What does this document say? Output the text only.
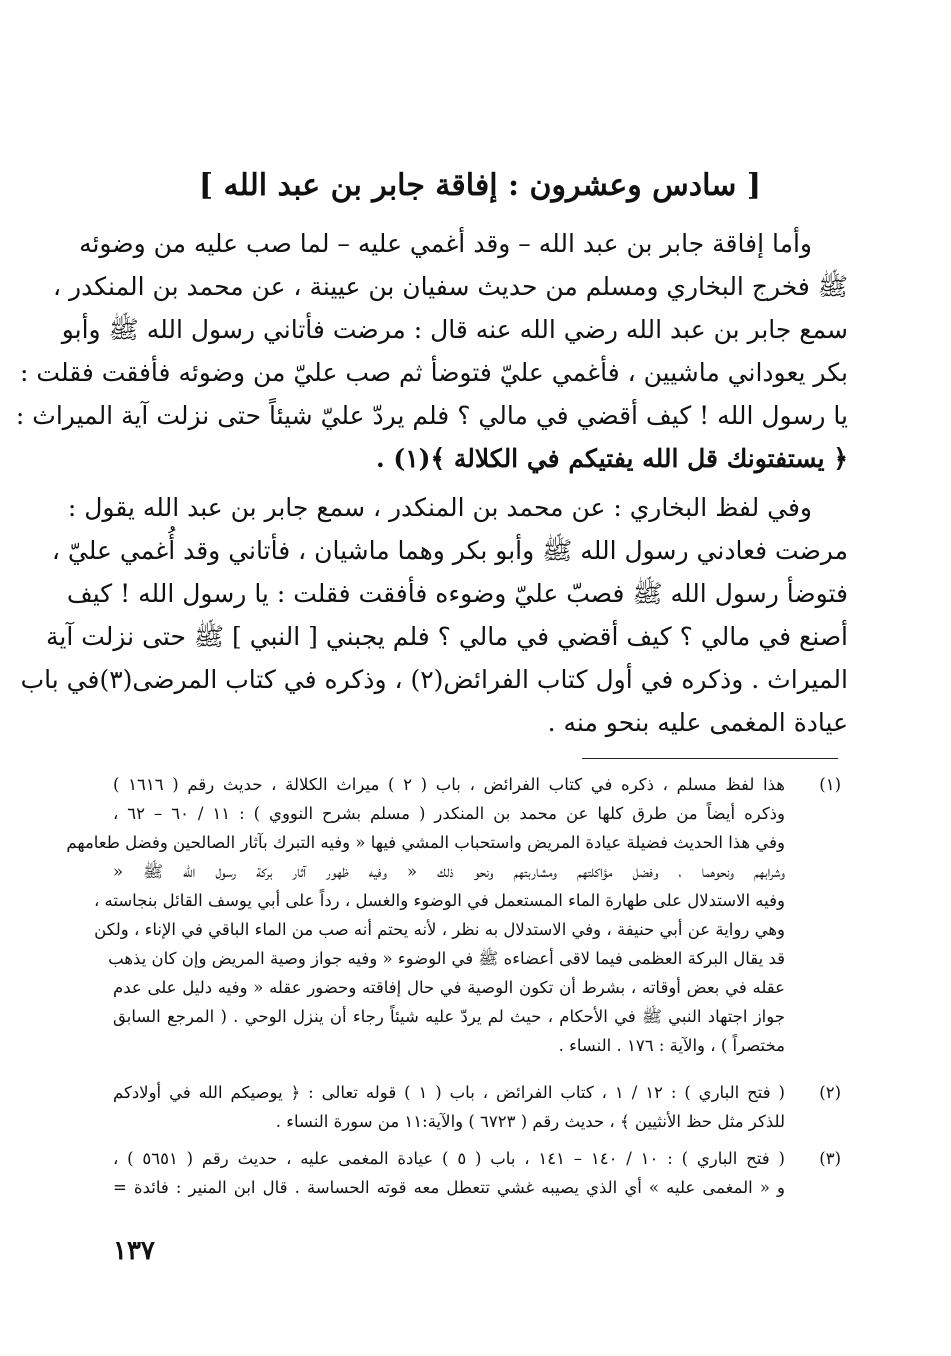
[ سادس وعشرون : إفاقة جابر بن عبد الله ]
وأما إفاقة جابر بن عبد الله – وقد أغمي عليه – لما صب عليه من وضوئه
ﷺ فخرج البخاري ومسلم من حديث سفيان بن عيينة ، عن محمد بن المنكدر ،
سمع جابر بن عبد الله رضي الله عنه قال : مرضت فأتاني رسول الله ﷺ وأبو
بكر يعوداني ماشيين ، فأغمي عليّ فتوضأ ثم صب عليّ من وضوئه فأفقت فقلت :
يا رسول الله ! كيف أقضي في مالي ؟ فلم يردّ عليّ شيئاً حتى نزلت آية الميراث :
﴿ يستفتونك قل الله يفتيكم في الكلالة ﴾(١) .
وفي لفظ البخاري : عن محمد بن المنكدر ، سمع جابر بن عبد الله يقول :
مرضت فعادني رسول الله ﷺ وأبو بكر وهما ماشيان ، فأتاني وقد أُغمي عليّ ،
فتوضأ رسول الله ﷺ فصبّ عليّ وضوءه فأفقت فقلت : يا رسول الله ! كيف
أصنع في مالي ؟ كيف أقضي في مالي ؟ فلم يجبني [ النبي ] ﷺ حتى نزلت آية
الميراث . وذكره في أول كتاب الفرائض(٢) ، وذكره في كتاب المرضى(٣)في باب
عيادة المغمى عليه بنحو منه .
(١)
هذا لفظ مسلم ، ذكره في كتاب الفرائض ، باب ( ٢ ) ميراث الكلالة ، حديث رقم ( ١٦١٦ )
وذكره أيضاً من طرق كلها عن محمد بن المنكدر ( مسلم بشرح النووي ) : ١١ / ٦٠ – ٦٢ ،
وفي هذا الحديث فضيلة عيادة المريض واستحباب المشي فيها « وفيه التبرك بآثار الصالحين وفضل طعامهم
وشرابهم ونحوهما ، وفضل مؤاكلتهم ومشاربتهم ونحو ذلك « وفيه ظهور آثار بركة رسول الله ﷺ «
وفيه الاستدلال على طهارة الماء المستعمل في الوضوء والغسل ، رداً على أبي يوسف القائل بنجاسته ،
وهي رواية عن أبي حنيفة ، وفي الاستدلال به نظر ، لأنه يحتم أنه صب من الماء الباقي في الإناء ، ولكن
قد يقال البركة العظمى فيما لاقى أعضاءه ﷺ في الوضوء « وفيه جواز وصية المريض وإن كان يذهب
عقله في بعض أوقاته ، بشرط أن تكون الوصية في حال إفاقته وحضور عقله « وفيه دليل على عدم
جواز اجتهاد النبي ﷺ في الأحكام ، حيث لم يردّ عليه شيئاً رجاء أن ينزل الوحي . ( المرجع السابق
مختصراً ) ، والآية : ١٧٦ . النساء .
(٢)
( فتح الباري ) : ١٢ / ١ ، كتاب الفرائض ، باب ( ١ ) قوله تعالى : ﴿ يوصيكم الله في أولادكم
للذكر مثل حظ الأنثيين ﴾ ، حديث رقم ( ٦٧٢٣ ) والآية:١١ من سورة النساء .
(٣)
( فتح الباري ) : ١٠ / ١٤٠ – ١٤١ ، باب ( ٥ ) عيادة المغمى عليه ، حديث رقم ( ٥٦٥١ ) ،
و « المغمى عليه » أي الذي يصيبه غشي تتعطل معه قوته الحساسة . قال ابن المنير : فائدة =
١٣٧
